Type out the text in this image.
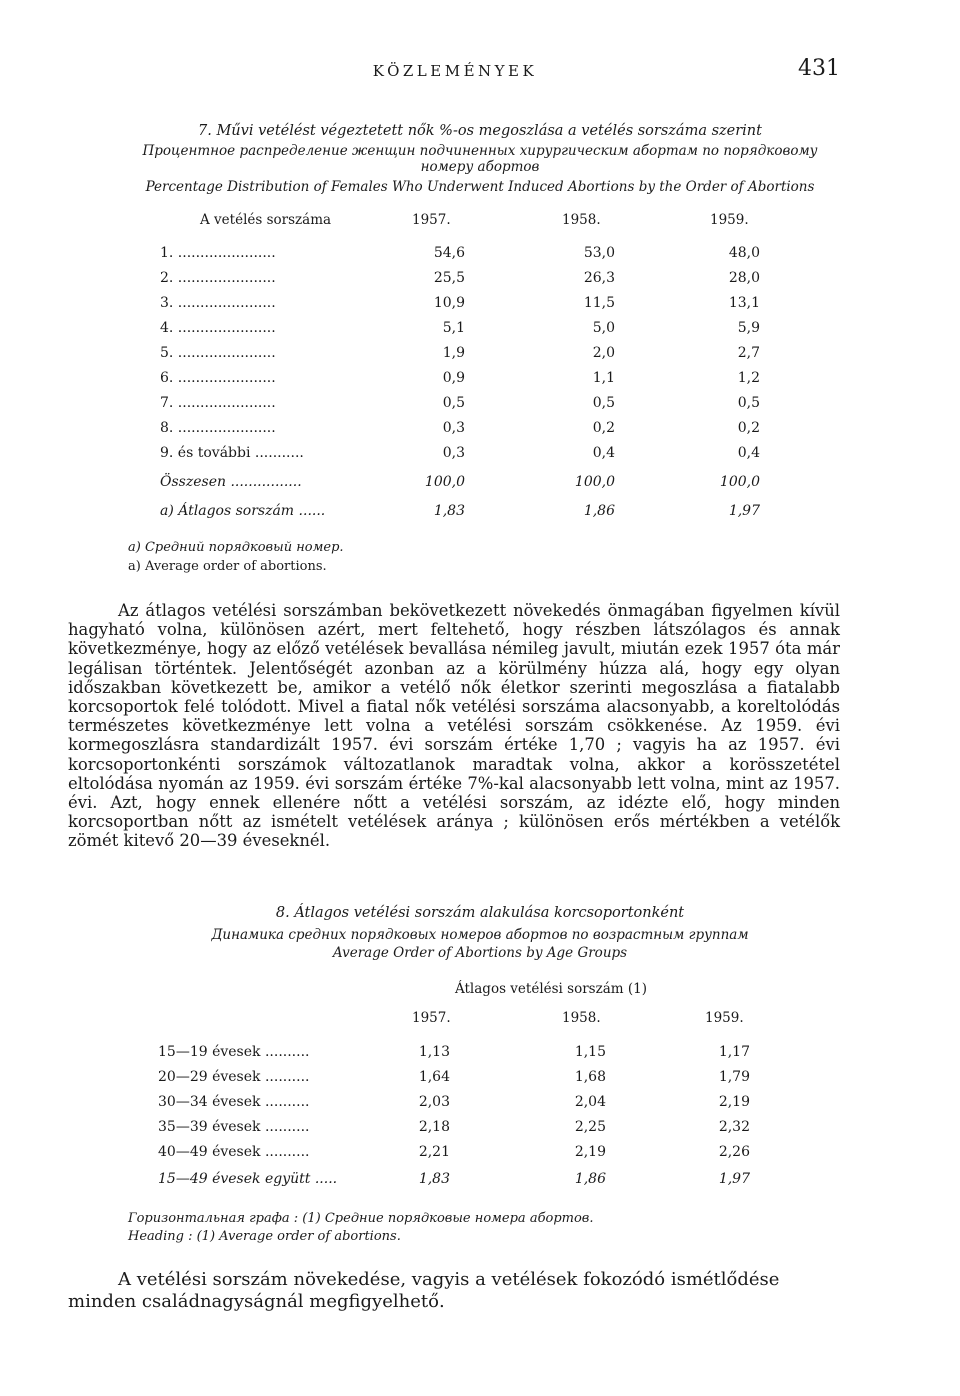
KÖZLEMÉNYEK	431
7. Művi vetélést végeztetett nők %-os megoszlása a vetélés sorszáma szerint
Процентное распределение женщин подчиненных хирургическим абортам по порядковому
номеру абортов
Percentage Distribution of Females Who Underwent Induced Abortions by the Order of Abortions
A vetélés sorszáma	1957.	1958.	1959.
1. ......................	54,6	53,0	48,0
2. ......................	25,5	26,3	28,0
3. ......................	10,9	11,5	13,1
4. ......................	5,1	5,0	5,9
5. ......................	1,9	2,0	2,7
6. ......................	0,9	1,1	1,2
7. ......................	0,5	0,5	0,5
8. ......................	0,3	0,2	0,2
9. és további ...........	0,3	0,4	0,4
Összesen ................	100,0	100,0	100,0
a) Átlagos sorszám ......	1,83	1,86	1,97
a) Средний порядковый номер.
a) Average order of abortions.
Az átlagos vetélési sorszámban bekövetkezett növekedés önmagában figyelmen kívül hagyható volna, különösen azért, mert feltehető, hogy részben látszólagos és annak következménye, hogy az előző vetélések bevallása némileg javult, miután ezek 1957 óta már legálisan történtek. Jelentőségét azonban az a körülmény húzza alá, hogy egy olyan időszakban következett be, amikor a vetélő nők életkor szerinti megoszlása a fiatalabb korcsoportok felé tolódott. Mivel a fiatal nők vetélési sorszáma alacsonyabb, a koreltolódás természetes következménye lett volna a vetélési sorszám csökkenése. Az 1959. évi kormegoszlásra standardizált 1957. évi sorszám értéke 1,70 ; vagyis ha az 1957. évi korcsoportonkénti sorszámok változatlanok maradtak volna, akkor a korösszetétel eltolódása nyomán az 1959. évi sorszám értéke 7%-kal alacsonyabb lett volna, mint az 1957. évi. Azt, hogy ennek ellenére nőtt a vetélési sorszám, az idézte elő, hogy minden korcsoportban nőtt az ismételt vetélések aránya ; különösen erős mértékben a vetélők zömét kitevő 20—39 éveseknél.
8. Átlagos vetélési sorszám alakulása korcsoportonként
Динамика средних порядковых номеров абортов по возрастным группам
Average Order of Abortions by Age Groups
Átlagos vetélési sorszám (1)
1957.	1958.	1959.
15—19 évesek ..........	1,13	1,15	1,17
20—29 évesek ..........	1,64	1,68	1,79
30—34 évesek ..........	2,03	2,04	2,19
35—39 évesek ..........	2,18	2,25	2,32
40—49 évesek ..........	2,21	2,19	2,26
15—49 évesek együtt .....	1,83	1,86	1,97
Горизонтальная графа : (1) Средние порядковые номера абортов.
Heading : (1) Average order of abortions.
A vetélési sorszám növekedése, vagyis a vetélések fokozódó ismétlődése
minden családnagyságnál megfigyelhető.
